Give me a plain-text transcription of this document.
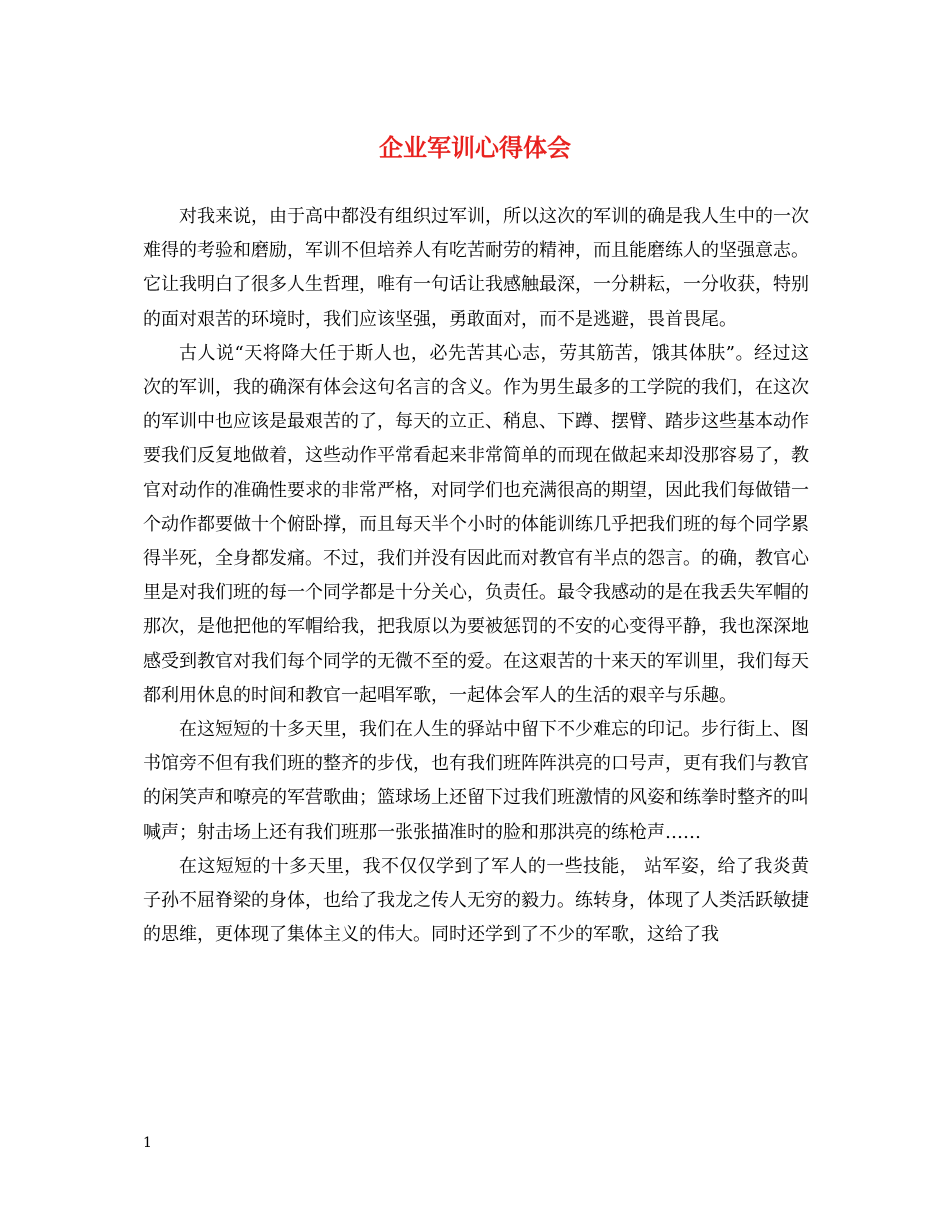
企业军训心得体会

对我来说，由于高中都没有组织过军训，所以这次的军训的确是我人生中的一次难得的考验和磨励，军训不但培养人有吃苦耐劳的精神，而且能磨练人的坚强意志。它让我明白了很多人生哲理，唯有一句话让我感触最深，一分耕耘，一分收获，特别的面对艰苦的环境时，我们应该坚强，勇敢面对，而不是逃避，畏首畏尾。

古人说“天将降大任于斯人也，必先苦其心志，劳其筋苦，饿其体肤”。经过这次的军训，我的确深有体会这句名言的含义。作为男生最多的工学院的我们，在这次的军训中也应该是最艰苦的了，每天的立正、稍息、下蹲、摆臂、踏步这些基本动作要我们反复地做着，这些动作平常看起来非常简单的而现在做起来却没那容易了，教官对动作的准确性要求的非常严格，对同学们也充满很高的期望，因此我们每做错一个动作都要做十个俯卧撑，而且每天半个小时的体能训练几乎把我们班的每个同学累得半死，全身都发痛。不过，我们并没有因此而对教官有半点的怨言。的确，教官心里是对我们班的每一个同学都是十分关心，负责任。最令我感动的是在我丢失军帽的那次，是他把他的军帽给我，把我原以为要被惩罚的不安的心变得平静，我也深深地感受到教官对我们每个同学的无微不至的爱。在这艰苦的十来天的军训里，我们每天都利用休息的时间和教官一起唱军歌，一起体会军人的生活的艰辛与乐趣。

在这短短的十多天里，我们在人生的驿站中留下不少难忘的印记。步行街上、图书馆旁不但有我们班的整齐的步伐，也有我们班阵阵洪亮的口号声，更有我们与教官的闲笑声和嘹亮的军营歌曲；篮球场上还留下过我们班激情的风姿和练拳时整齐的叫喊声；射击场上还有我们班那一张张描准时的脸和那洪亮的练枪声……

在这短短的十多天里，我不仅仅学到了军人的一些技能， 站军姿，给了我炎黄子孙不屈脊梁的身体，也给了我龙之传人无穷的毅力。练转身，体现了人类活跃敏捷的思维，更体现了集体主义的伟大。同时还学到了不少的军歌，这给了我

1
